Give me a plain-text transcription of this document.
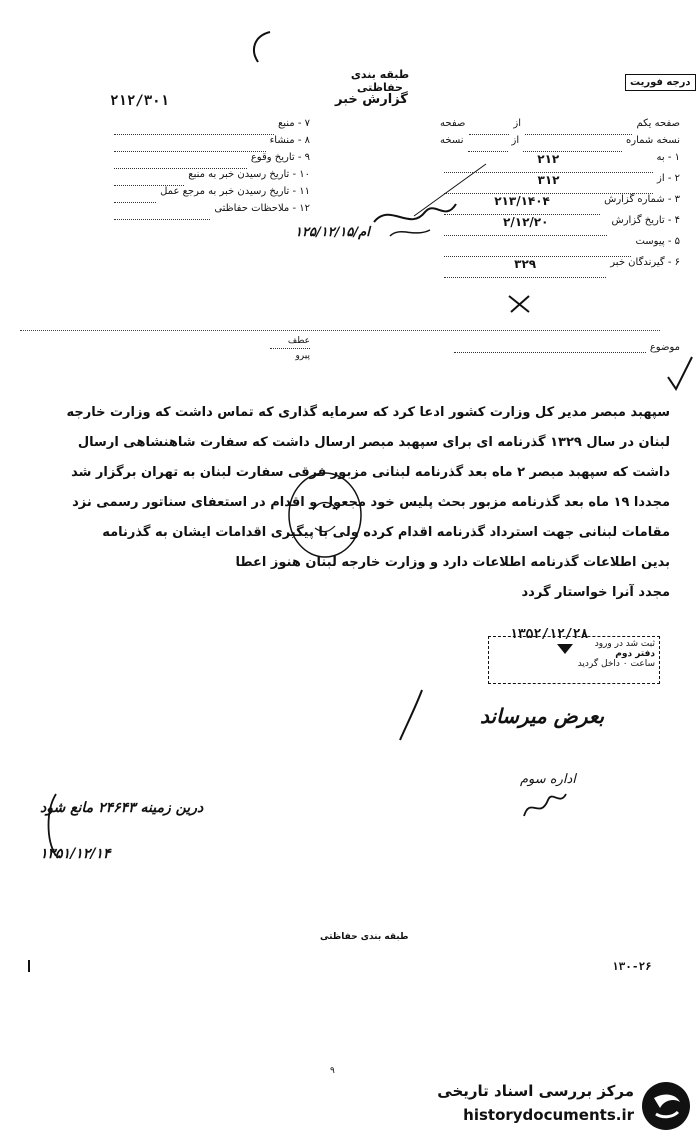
طبقه بندی حفاظتی
گزارش خبر
۲۱۲/۳۰۱
درجه فوریت
صفحه یکم
از
صفحه
نسخه شماره
از
نسخه
۱ - به
۲۱۲
۲ - از
۳۱۲
۳ - شماره گزارش
۲۱۳/۱۴۰۴
۴ - تاریخ گزارش
۲/۱۲/۲۰
۵ - پیوست
۶ - گیرندگان خبر
۳۲۹
۷ - منبع
۸ - منشاء
۹ - تاریخ وقوع
۱۰ - تاریخ رسیدن خبر به منبع
۱۱ - تاریخ رسیدن خبر به مرجع عمل
۱۲ - ملاحظات حفاظتی
۱۲۵/ام/۱۲/۱۵
موضوع
عطف
پیرو
سپهبد مبصر مدیر کل وزارت کشور ادعا کرد که سرمایه گذاری که تماس داشت که وزارت خارجه
لبنان در سال ۱۳۲۹ گذرنامه ای برای سپهبد مبصر ارسال داشت که سفارت شاهنشاهی ارسال
داشت که سپهبد مبصر ۲ ماه بعد گذرنامه لبنانی مزبور فرقی سفارت لبنان به تهران برگزار شد
مجددا ۱۹ ماه بعد گذرنامه مزبور بحث پلیس خود مجعول و اقدام در استعفای سناتور رسمی نزد
مقامات لبنانی جهت استرداد گذرنامه اقدام کرده ولی با پیگیری اقدامات ایشان به گذرنامه
بدین اطلاعات گذرنامه اطلاعات دارد و وزارت خارجه لبنان هنوز اعطا
مجدد آنرا خواستار گردد
۱۳۵۲/۱۲/۲۸
ثبت شد در ورود
دفتر دوم
ساعت ۰ داخل گردید
بعرض میرساند
اداره سوم
درین زمینه ۲۴۶۴۳ مانع شود
۱۳۵۱/۱۲/۱۴
طبقه بندی حفاظتی
۱۳۰-۲۶
۹
مرکز بررسی اسناد تاریخی
historydocuments.ir
